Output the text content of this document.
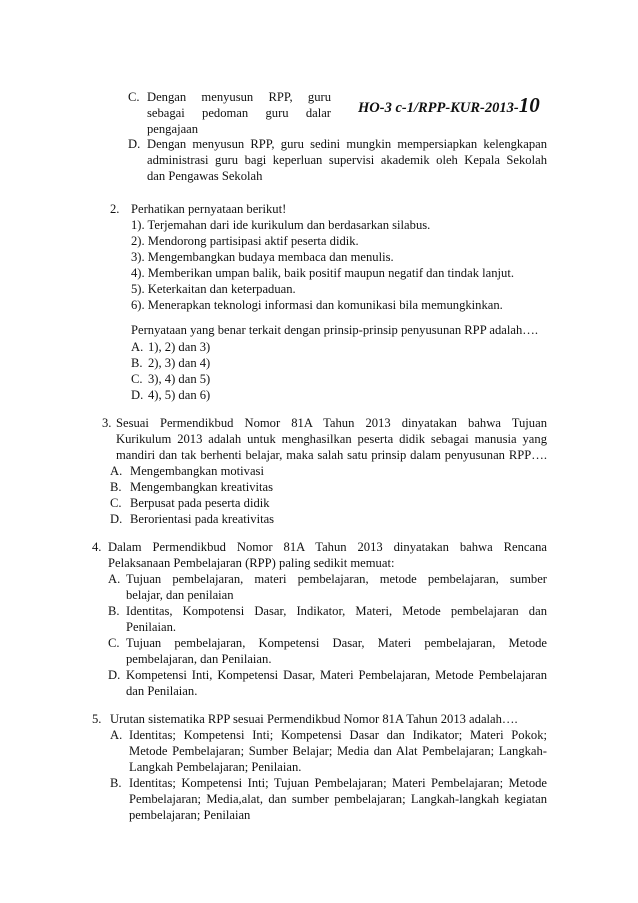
HO-3 c-1/RPP-KUR-2013-10
C. Dengan menyusun RPP, guru
sebagai pedoman guru dalar
pengajaan
D. Dengan menyusun RPP, guru sedini mungkin mempersiapkan kelengkapan
administrasi guru bagi keperluan supervisi akademik oleh Kepala Sekolah
dan Pengawas Sekolah
2. Perhatikan pernyataan berikut!
1). Terjemahan dari ide kurikulum dan berdasarkan silabus.
2). Mendorong partisipasi aktif peserta didik.
3). Mengembangkan budaya membaca dan menulis.
4). Memberikan umpan balik, baik positif maupun negatif dan tindak lanjut.
5). Keterkaitan dan keterpaduan.
6). Menerapkan teknologi informasi dan komunikasi bila memungkinkan.
Pernyataan yang benar terkait dengan prinsip-prinsip penyusunan RPP adalah….
A. 1), 2) dan 3)
B. 2), 3) dan 4)
C. 3), 4) dan 5)
D. 4), 5) dan 6)
3. Sesuai Permendikbud Nomor 81A Tahun 2013 dinyatakan bahwa Tujuan
Kurikulum 2013 adalah untuk menghasilkan peserta didik sebagai manusia yang
mandiri dan tak berhenti belajar, maka salah satu prinsip dalam penyusunan RPP….
A. Mengembangkan motivasi
B. Mengembangkan kreativitas
C. Berpusat pada peserta didik
D. Berorientasi pada kreativitas
4. Dalam Permendikbud Nomor 81A Tahun 2013 dinyatakan bahwa Rencana
Pelaksanaan Pembelajaran (RPP) paling sedikit memuat:
A. Tujuan pembelajaran, materi pembelajaran, metode pembelajaran, sumber
belajar, dan penilaian
B. Identitas, Kompotensi Dasar, Indikator, Materi, Metode pembelajaran dan
Penilaian.
C. Tujuan pembelajaran, Kompetensi Dasar, Materi pembelajaran, Metode
pembelajaran, dan Penilaian.
D. Kompetensi Inti, Kompetensi Dasar, Materi Pembelajaran, Metode Pembelajaran
dan Penilaian.
5. Urutan sistematika RPP sesuai Permendikbud Nomor 81A Tahun 2013 adalah….
A. Identitas; Kompetensi Inti; Kompetensi Dasar dan Indikator; Materi Pokok;
Metode Pembelajaran; Sumber Belajar; Media dan Alat Pembelajaran; Langkah-
Langkah Pembelajaran; Penilaian.
B. Identitas; Kompetensi Inti; Tujuan Pembelajaran; Materi Pembelajaran; Metode
Pembelajaran; Media,alat, dan sumber pembelajaran; Langkah-langkah kegiatan
pembelajaran; Penilaian
